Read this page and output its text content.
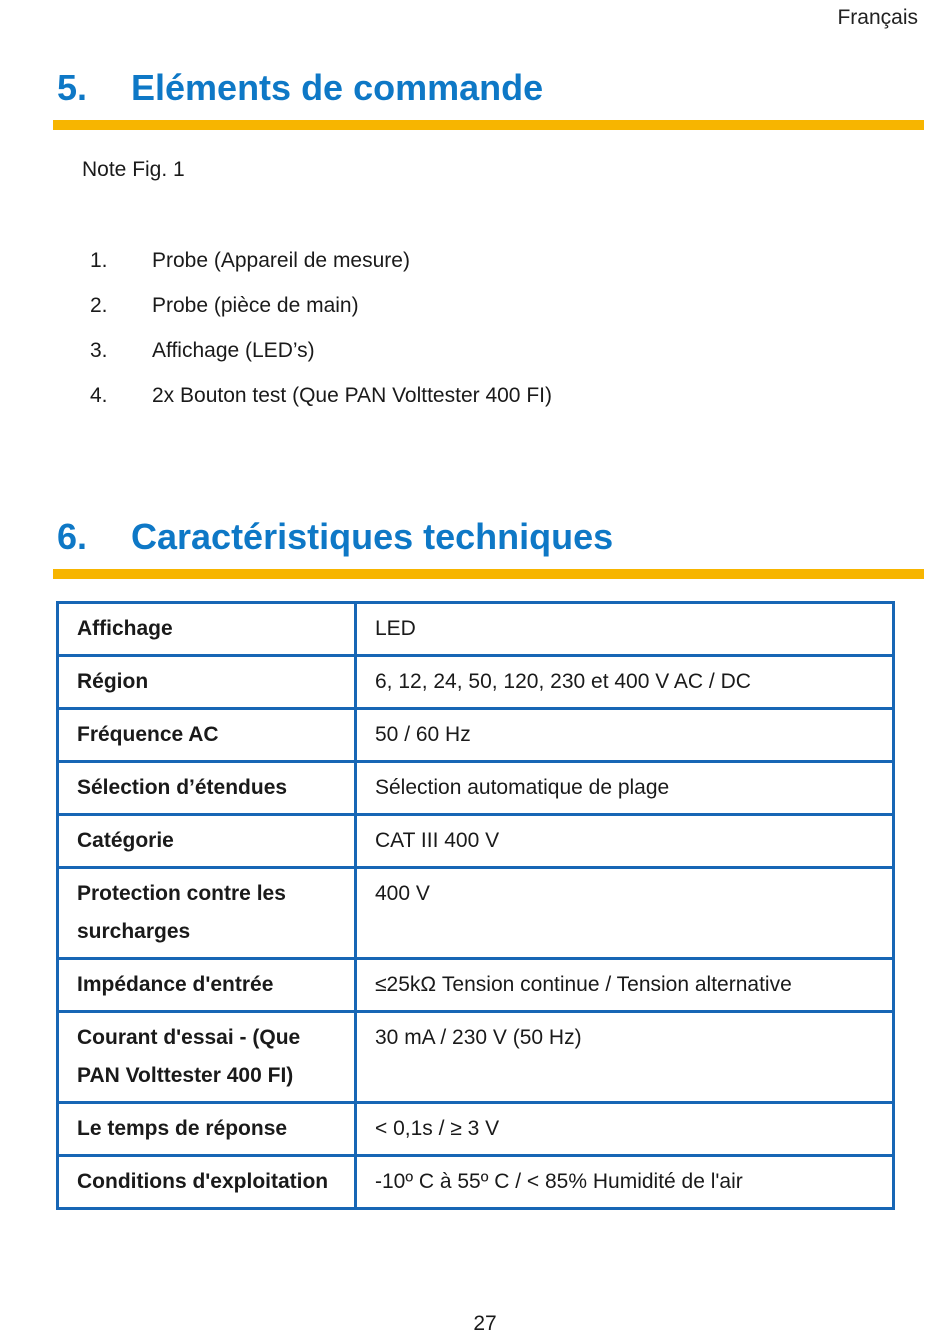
Français
5. Eléments de commande
Note Fig. 1
1.	Probe (Appareil de mesure)
2.	Probe (pièce de main)
3.	Affichage (LED’s)
4.	2x Bouton test (Que PAN Volttester 400 FI)
6. Caractéristiques techniques
Affichage	LED
Région	6, 12, 24, 50, 120, 230 et 400 V AC / DC
Fréquence AC	50 / 60 Hz
Sélection d’étendues	Sélection automatique de plage
Catégorie	CAT III 400 V
Protection contre les surcharges	400 V
Impédance d'entrée	≤25kΩ Tension continue / Tension alternative
Courant d'essai - (Que PAN Volttester 400 FI)	30 mA / 230 V (50 Hz)
Le temps de réponse	< 0,1s / ≥ 3 V
Conditions d'exploitation	-10º C à 55º C / < 85% Humidité de l'air
27
